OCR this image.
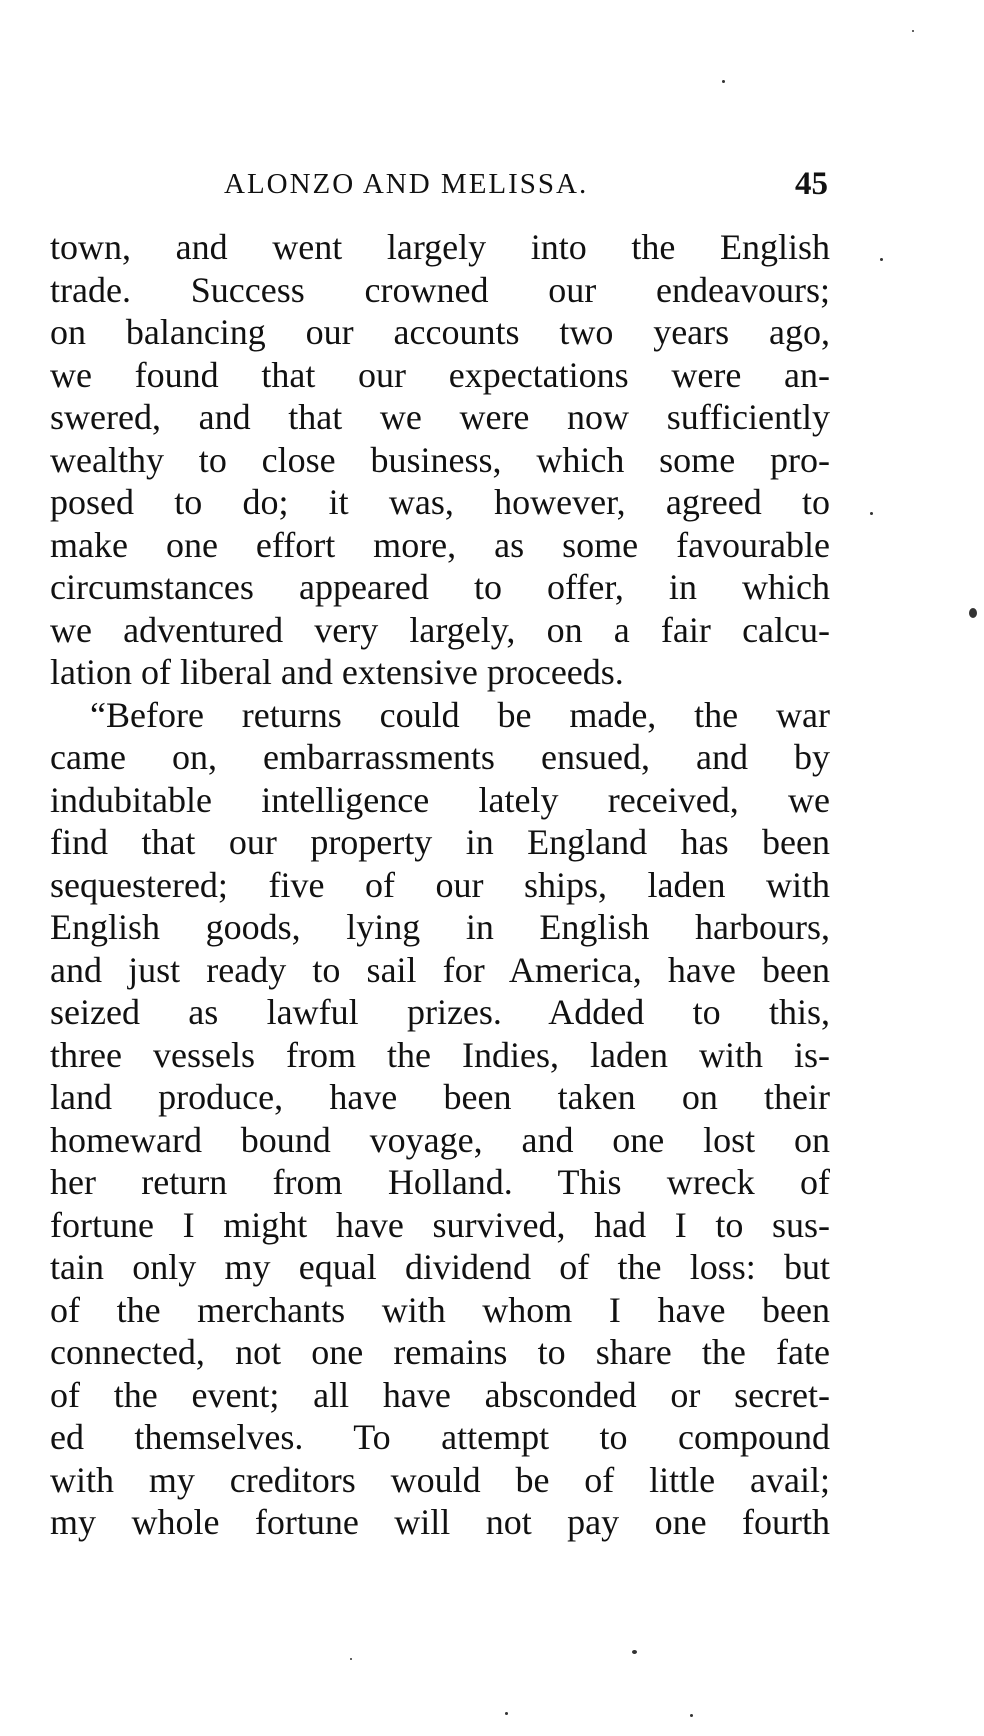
ALONZO AND MELISSA.	45
town, and went largely into the English
trade. Success crowned our endeavours;
on balancing our accounts two years ago,
we found that our expectations were an-
swered, and that we were now sufficiently
wealthy to close business, which some pro-
posed to do; it was, however, agreed to
make one effort more, as some favourable
circumstances appeared to offer, in which
we adventured very largely, on a fair calcu-
lation of liberal and extensive proceeds.
“Before returns could be made, the war
came on, embarrassments ensued, and by
indubitable intelligence lately received, we
find that our property in England has been
sequestered; five of our ships, laden with
English goods, lying in English harbours,
and just ready to sail for America, have been
seized as lawful prizes. Added to this,
three vessels from the Indies, laden with is-
land produce, have been taken on their
homeward bound voyage, and one lost on
her return from Holland. This wreck of
fortune I might have survived, had I to sus-
tain only my equal dividend of the loss: but
of the merchants with whom I have been
connected, not one remains to share the fate
of the event; all have absconded or secret-
ed themselves. To attempt to compound
with my creditors would be of little avail;
my whole fortune will not pay one fourth
